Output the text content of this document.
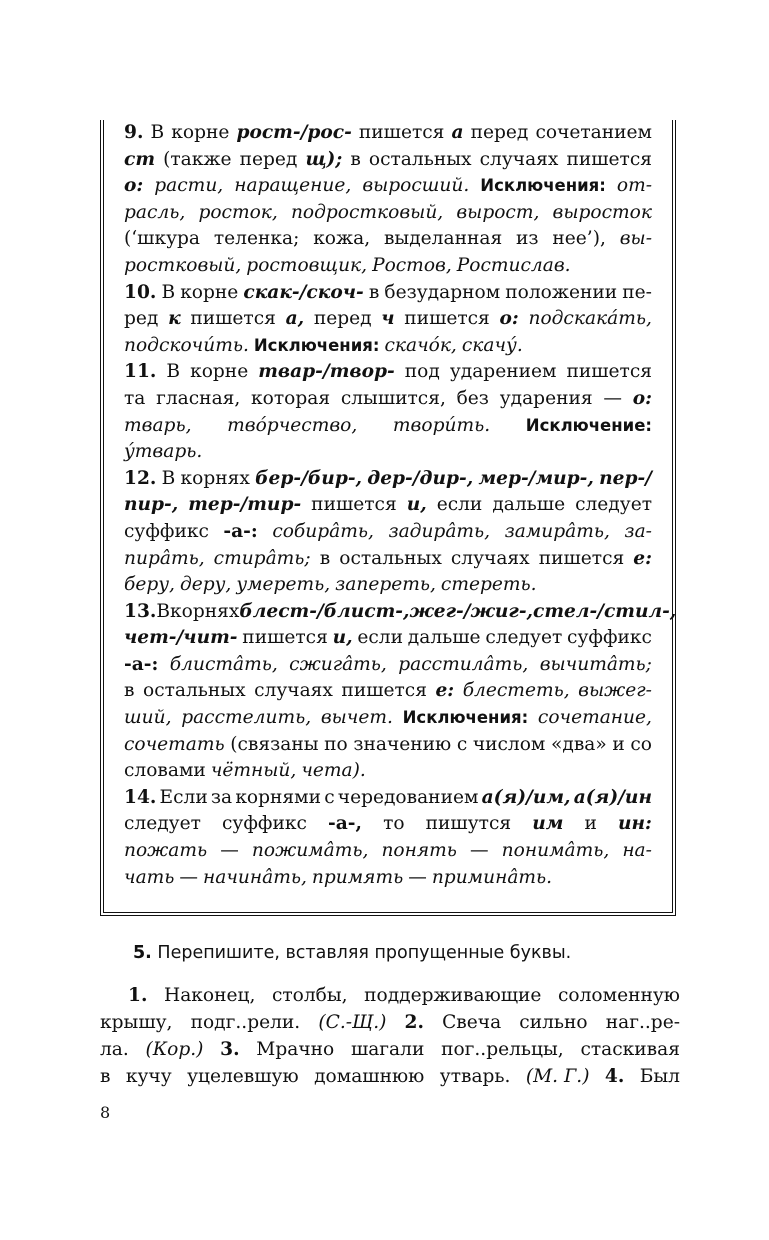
9. В корне рост-/рос- пишется а перед сочетанием
ст (также перед щ); в остальных случаях пишется
о: расти, наращение, выросший. Исключения: от-
расль, росток, подростковый, вырост, выросток
(‘шкура теленка; кожа, выделанная из нее’), вы-
ростковый, ростовщик, Ростов, Ростислав.
10. В корне скак-/скоч- в безударном положении пе-
ред к пишется а, перед ч пишется о: подскака́ть,
подскочи́ть. Исключения: скачо́к, скачу́.
11. В корне твар-/твор- под ударением пишется
та гласная, которая слышится, без ударения — о:
тварь, тво́рчество, твори́ть. Исключение:
у́тварь.
12. В корнях бер-/бир-, дер-/дир-, мер-/мир-, пер-/
пир-, тер-/тир- пишется и, если дальше следует
суффикс -а-: собира̂ть, задира̂ть, замира̂ть, за-
пира̂ть, стира̂ть; в остальных случаях пишется е:
беру, деру, умереть, запереть, стереть.
13. В корнях блест-/блист-, жег-/жиг-, стел-/стил-,
чет-/чит- пишется и, если дальше следует суффикс
-а-: блиста̂ть, сжига̂ть, расстила̂ть, вычита̂ть;
в остальных случаях пишется е: блестеть, выжег-
ший, расстелить, вычет. Исключения: сочетание,
сочетать (связаны по значению с числом «два» и со
словами чётный, чета).
14. Если за корнями с чередованием а(я)/им, а(я)/ин
следует суффикс -а-, то пишутся им и ин:
пожать — пожима̂ть, понять — понима̂ть, на-
чать — начина̂ть, примять — примина̂ть.
5. Перепишите, вставляя пропущенные буквы.
1. Наконец, столбы, поддерживающие соломенную
крышу, подг..рели. (С.-Щ.) 2. Свеча сильно наг..ре-
ла. (Кор.) 3. Мрачно шагали пог..рельцы, стаскивая
в кучу уцелевшую домашнюю утварь. (М. Г.) 4. Был
8
